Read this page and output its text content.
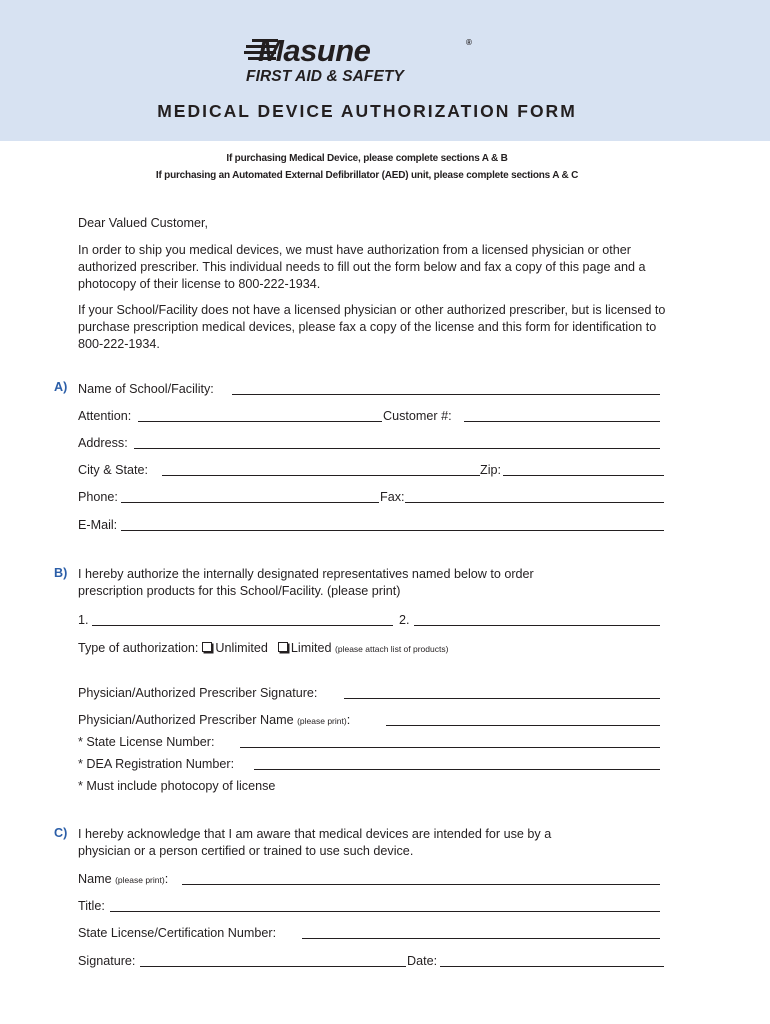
Masune	®
FIRST AID & SAFETY
MEDICAL DEVICE AUTHORIZATION FORM
If purchasing Medical Device, please complete sections A & B
If purchasing an Automated External Defibrillator (AED) unit, please complete sections A & C
Dear Valued Customer,
In order to ship you medical devices, we must have authorization from a licensed physician or other authorized prescriber. This individual needs to fill out the form below and fax a copy of this page and a photocopy of their license to 800-222-1934.
If your School/Facility does not have a licensed physician or other authorized prescriber, but is licensed to purchase prescription medical devices, please fax a copy of the license and this form for identification to 800-222-1934.
A) Name of School/Facility:
Attention:	Customer #:
Address:
City & State:	Zip:
Phone:	Fax:
E-Mail:
B) I hereby authorize the internally designated representatives named below to order
prescription products for this School/Facility. (please print)
1.	2.
Type of authorization: Unlimited Limited (please attach list of products)
Physician/Authorized Prescriber Signature:
Physician/Authorized Prescriber Name (please print):
* State License Number:
* DEA Registration Number:
* Must include photocopy of license
C) I hereby acknowledge that I am aware that medical devices are intended for use by a
physician or a person certified or trained to use such device.
Name (please print):
Title:
State License/Certification Number:
Signature:	Date:
